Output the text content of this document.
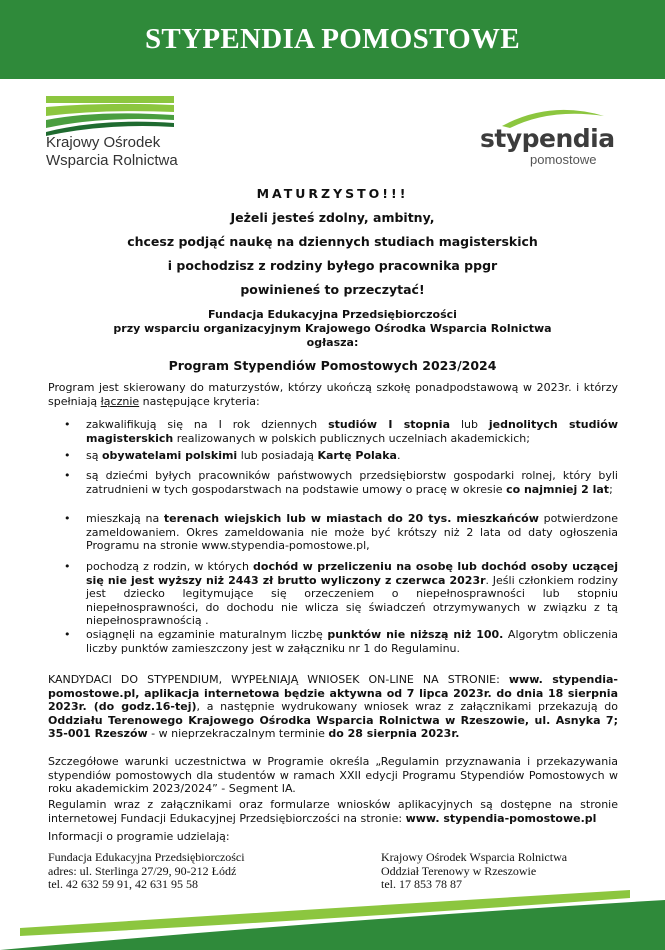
STYPENDIA POMOSTOWE
Krajowy Ośrodek
Wsparcia Rolnictwa
stypendia
pomostowe
MATURZYSTO!!!
Jeżeli jesteś zdolny, ambitny,
chcesz podjąć naukę na dziennych studiach magisterskich
i pochodzisz z rodziny byłego pracownika ppgr
powinieneś to przeczytać!
Fundacja Edukacyjna Przedsiębiorczości
przy wsparciu organizacyjnym Krajowego Ośrodka Wsparcia Rolnictwa
ogłasza:
Program Stypendiów Pomostowych 2023/2024
Program jest skierowany do maturzystów, którzy ukończą szkołę ponadpodstawową w 2023r. i którzy spełniają łącznie następujące kryteria:
• zakwalifikują się na I rok dziennych studiów I stopnia lub jednolitych studiów magisterskich realizowanych w polskich publicznych uczelniach akademickich;
• są obywatelami polskimi lub posiadają Kartę Polaka.
• są dziećmi byłych pracowników państwowych przedsiębiorstw gospodarki rolnej, który byli zatrudnieni w tych gospodarstwach na podstawie umowy o pracę w okresie co najmniej 2 lat;
• mieszkają na terenach wiejskich lub w miastach do 20 tys. mieszkańców potwierdzone zameldowaniem. Okres zameldowania nie może być krótszy niż 2 lata od daty ogłoszenia Programu na stronie www.stypendia-pomostowe.pl,
• pochodzą z rodzin, w których dochód w przeliczeniu na osobę lub dochód osoby uczącej się nie jest wyższy niż 2443 zł brutto wyliczony z czerwca 2023r. Jeśli członkiem rodziny jest dziecko legitymujące się orzeczeniem o niepełnosprawności lub stopniu niepełnosprawności, do dochodu nie wlicza się świadczeń otrzymywanych w związku z tą niepełnosprawnością .
• osiągnęli na egzaminie maturalnym liczbę punktów nie niższą niż 100. Algorytm obliczenia liczby punktów zamieszczony jest w załączniku nr 1 do Regulaminu.
KANDYDACI DO STYPENDIUM, WYPEŁNIAJĄ WNIOSEK ON-LINE NA STRONIE: www. stypendia-pomostowe.pl, aplikacja internetowa będzie aktywna od 7 lipca 2023r. do dnia 18 sierpnia 2023r. (do godz.16-tej), a następnie wydrukowany wniosek wraz z załącznikami przekazują do Oddziału Terenowego Krajowego Ośrodka Wsparcia Rolnictwa w Rzeszowie, ul. Asnyka 7; 35-001 Rzeszów - w nieprzekraczalnym terminie do 28 sierpnia 2023r.
Szczegółowe warunki uczestnictwa w Programie określa „Regulamin przyznawania i przekazywania stypendiów pomostowych dla studentów w ramach XXII edycji Programu Stypendiów Pomostowych w roku akademickim 2023/2024” - Segment IA.
Regulamin wraz z załącznikami oraz formularze wniosków aplikacyjnych są dostępne na stronie internetowej Fundacji Edukacyjnej Przedsiębiorczości na stronie: www. stypendia-pomostowe.pl
Informacji o programie udzielają:
Fundacja Edukacyjna Przedsiębiorczości
adres: ul. Sterlinga 27/29, 90-212 Łódź
tel. 42 632 59 91, 42 631 95 58
Krajowy Ośrodek Wsparcia Rolnictwa
Oddział Terenowy w Rzeszowie
tel. 17 853 78 87
